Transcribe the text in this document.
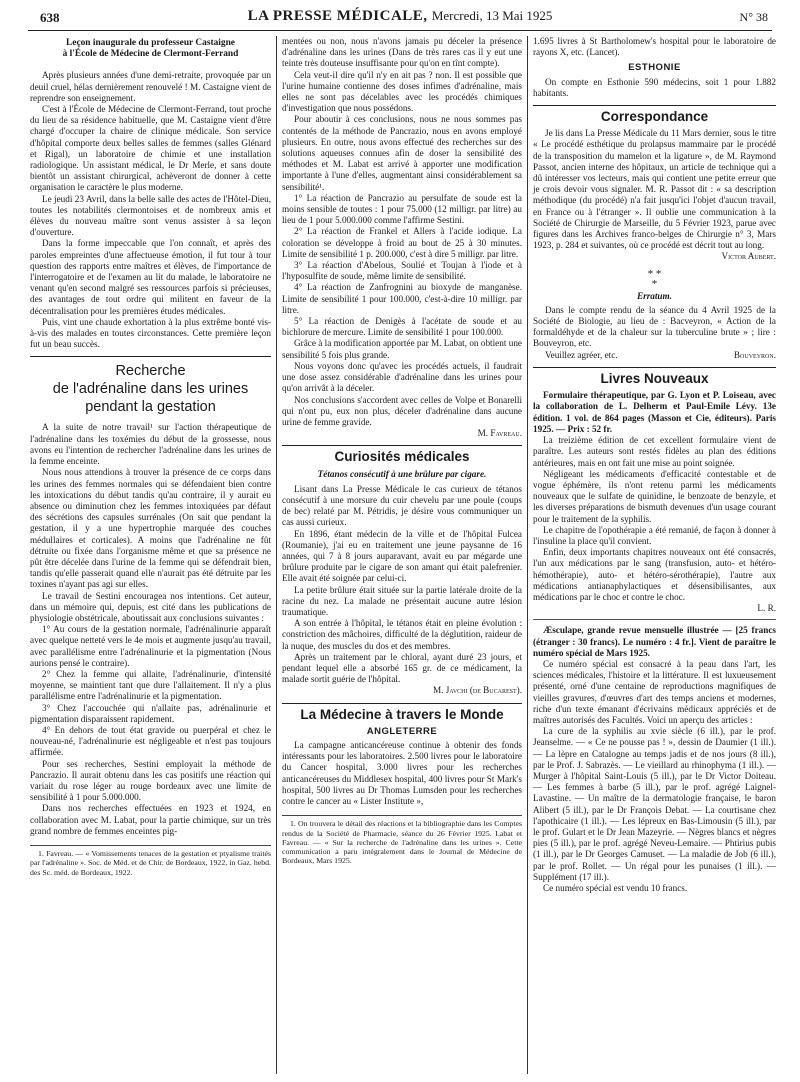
638	LA PRESSE MÉDICALE, Mercredi, 13 Mai 1925	N° 38

Leçon inaugurale du professeur Castaigne

à l'École de Médecine de Clermont-Ferrand

Après plusieurs années d'une demi-retraite, provoquée par un deuil cruel, hélas dernièrement renouvelé ! M. Castaigne vient de reprendre son enseignement.

C'est à l'École de Médecine de Clermont-Ferrand, tout proche du lieu de sa résidence habituelle, que M. Castaigne vient d'être chargé d'occuper la chaire de clinique médicale. Son service d'hôpital comporte deux belles salles de femmes (salles Glénard et Rigal), un laboratoire de chimie et une installation radiologique. Un assistant médical, le Dr Merle, et sans doute bientôt un assistant chirurgical, achèveront de donner à cette organisation le caractère le plus moderne.

Le jeudi 23 Avril, dans la belle salle des actes de l'Hôtel-Dieu, toutes les notabilités clermontoises et de nombreux amis et élèves du nouveau maître sont venus assister à sa leçon d'ouverture.

Dans la forme impeccable que l'on connaît, et après des paroles empreintes d'une affectueuse émotion, il fut tour à tour question des rapports entre maîtres et élèves, de l'importance de l'interrogatoire et de l'examen au lit du malade, le laboratoire ne venant qu'en second malgré ses ressources parfois si précieuses, des avantages de tout ordre qui militent en faveur de la décentralisation pour les premières études médicales.

Puis, vint une chaude exhortation à la plus extrême bonté vis-à-vis des malades en toutes circonstances. Cette première leçon fut un beau succès.

Recherche
de l'adrénaline dans les urines
pendant la gestation

A la suite de notre travail¹ sur l'action thérapeutique de l'adrénaline dans les toxémies du début de la grossesse, nous avons eu l'intention de rechercher l'adrénaline dans les urines de la femme enceinte.

Nous nous attendions à trouver la présence de ce corps dans les urines des femmes normales qui se défendaient bien contre les intoxications du début tandis qu'au contraire, il y aurait eu absence ou diminution chez les femmes intoxiquées par défaut des sécrétions des capsules surrénales (On sait que pendant la gestation, il y a une hypertrophie marquée des couches médullaires et corticales). A moins que l'adrénaline ne fût détruite ou fixée dans l'organisme même et que sa présence ne pût être décelée dans l'urine de la femme qui se défendrait bien, tandis qu'elle passerait quand elle n'aurait pas été détruite par les toxines n'ayant pas agi sur elles.

Le travail de Sestini encouragea nos intentions. Cet auteur, dans un mémoire qui, depuis, est cité dans les publications de physiologie obstétricale, aboutissait aux conclusions suivantes :

1° Au cours de la gestation normale, l'adrénalinurie apparaît avec quelque netteté vers le 4e mois et augmente jusqu'au travail, avec parallélisme entre l'adrénalinurie et la pigmentation (Nous aurions pensé le contraire).

2° Chez la femme qui allaite, l'adrénalinurie, d'intensité moyenne, se maintient tant que dure l'allaitement. Il n'y a plus parallélisme entre l'adrénalinurie et la pigmentation.

3° Chez l'accouchée qui n'allaite pas, adrénalinurie et pigmentation disparaissent rapidement.

4° En dehors de tout état gravide ou puerpéral et chez le nouveau-né, l'adrénalinurie est négligeable et n'est pas toujours affirmée.

Pour ses recherches, Sestini employait la méthode de Pancrazio. Il aurait obtenu dans les cas positifs une réaction qui variait du rose léger au rouge bordeaux avec une limite de sensibilité à 1 pour 5.000.000.

Dans nos recherches effectuées en 1923 et 1924, en collaboration avec M. Labat, pour la partie chimique, sur un très grand nombre de femmes enceintes pig-

1. Favreau. — « Vomissements tenaces de la gestation et ptyalisme traités par l'adrénaline ». Soc. de Méd. et de Chir. de Bordeaux, 1922, in Gaz. hebd. des Sc. méd. de Bordeaux, 1922.

mentées ou non, nous n'avons jamais pu déceler la présence d'adrénaline dans les urines (Dans de très rares cas il y eut une teinte très douteuse insuffisante pour qu'on en tînt compte).

Cela veut-il dire qu'il n'y en ait pas ? non. Il est possible que l'urine humaine contienne des doses infimes d'adrénaline, mais elles ne sont pas décelables avec les procédés chimiques d'investigation que nous possédons.

Pour aboutir à ces conclusions, nous ne nous sommes pas contentés de la méthode de Pancrazio, nous en avons employé plusieurs. En outre, nous avons effectué des recherches sur des solutions aqueuses connues afin de doser la sensibilité des méthodes et M. Labat est arrivé à apporter une modification importante à l'une d'elles, augmentant ainsi considérablement sa sensibilité¹.

1° La réaction de Pancrazio au persulfate de soude est la moins sensible de toutes : 1 pour 75.000 (12 milligr. par litre) au lieu de 1 pour 5.000.000 comme l'affirme Sestini.

2° La réaction de Frankel et Allers à l'acide iodique. La coloration se développe à froid au bout de 25 à 30 minutes. Limite de sensibilité 1 p. 200.000, c'est à dire 5 milligr. par litre.

3° La réaction d'Abelous, Soulié et Toujan à l'iode et à l'hyposulfite de soude, même limite de sensibilité.

4° La réaction de Zanfrognini au bioxyde de manganèse. Limite de sensibilité 1 pour 100.000, c'est-à-dire 10 milligr. par litre.

5° La réaction de Denigès à l'acétate de soude et au bichlorure de mercure. Limite de sensibilité 1 pour 100.000.

Grâce à la modification apportée par M. Labat, on obtient une sensibilité 5 fois plus grande.

Nous voyons donc qu'avec les procédés actuels, il faudrait une dose assez considérable d'adrénaline dans les urines pour qu'on arrivât à la déceler.

Nos conclusions s'accordent avec celles de Volpe et Bonarelli qui n'ont pu, eux non plus, déceler d'adrénaline dans aucune urine de femme gravide.

M. Favreau.

Curiosités médicales

Tétanos consécutif à une brûlure par cigare.

Lisant dans La Presse Médicale le cas curieux de tétanos consécutif à une morsure du cuir chevelu par une poule (coups de bec) relaté par M. Pétridis, je désire vous communiquer un cas aussi curieux.

En 1896, étant médecin de la ville et de l'hôpital Fulcea (Roumanie), j'ai eu en traitement une jeune paysanne de 16 années, qui 7 à 8 jours auparavant, avait eu par mégarde une brûlure produite par le cigare de son amant qui était palefrenier. Elle avait été soignée par celui-ci.

La petite brûlure était située sur la partie latérale droite de la racine du nez. La malade ne présentait aucune autre lésion traumatique.

A son entrée à l'hôpital, le tétanos était en pleine évolution : constriction des mâchoires, difficulté de la déglutition, raideur de la nuque, des muscles du dos et des membres.

Après un traitement par le chloral, ayant duré 23 jours, et pendant lequel elle a absorbé 165 gr. de ce médicament, la malade sortit guérie de l'hôpital.

M. Javchi (de Bucarest).

La Médecine à travers le Monde
ANGLETERRE

La campagne anticancéreuse continue à obtenir des fonds intéressants pour les laboratoires. 2.500 livres pour le laboratoire du Cancer hospital, 3.000 livres pour les recherches anticancéreuses du Middlesex hospital, 400 livres pour St Mark's hospital, 500 livres au Dr Thomas Lumsden pour les recherches contre le cancer au « Lister Institute »,

1. On trouvera le détail des réactions et la bibliographie dans les Comptes rendus de la Société de Pharmacie, séance du 26 Février 1925. Labat et Favreau. — « Sur la recherche de l'adrénaline dans les urines ». Cette communication a paru intégralement dans le Journal de Médecine de Bordeaux, Mars 1925.

1.695 livres à St Bartholomew's hospital pour le laboratoire de rayons X, etc. (Lancet).

ESTHONIE

On compte en Esthonie 590 médecins, soit 1 pour 1.882 habitants.

Correspondance

Je lis dans La Presse Médicale du 11 Mars dernier, sous le titre « Le procédé esthétique du prolapsus mammaire par le procédé de la transposition du mamelon et la ligature », de M. Raymond Passot, ancien interne des hôpitaux, un article de technique qui a dû intéresser vos lecteurs, mais qui contient une petite erreur que je crois devoir vous signaler. M. R. Passot dit : « sa description méthodique (du procédé) n'a fait jusqu'ici l'objet d'aucun travail, en France ou à l'étranger ». Il oublie une communication à la Société de Chirurgie de Marseille, du 5 Février 1923, parue avec figures dans les Archives franco-belges de Chirurgie n° 3, Mars 1923, p. 284 et suivantes, où ce procédé est décrit tout au long.

Victor Aubert.

* *
*

Erratum.

Dans le compte rendu de la séance du 4 Avril 1925 de la Société de Biologie, au lieu de : Bacveyron, « Action de la formaldéhyde et de la chaleur sur la tuberculine brute » ; lire : Bouveyron, etc.

Veuillez agréer, etc.	Bouveyron.

Livres Nouveaux

Formulaire thérapeutique, par G. Lyon et P. Loiseau, avec la collaboration de L. Delherm et Paul-Emile Lévy. 13e édition. 1 vol. de 864 pages (Masson et Cie, éditeurs). Paris 1925. — Prix : 52 fr.

La treizième édition de cet excellent formulaire vient de paraître. Les auteurs sont restés fidèles au plan des éditions antérieures, mais en ont fait une mise au point soignée.

Négligeant les médicaments d'efficacité contestable et de vogue éphémère, ils n'ont retenu parmi les médicaments nouveaux que le sulfate de quinidine, le benzoate de benzyle, et les diverses préparations de bismuth devenues d'un usage courant pour le traitement de la syphilis.

Le chapitre de l'opothérapie a été remanié, de façon à donner à l'insuline la place qu'il convient.

Enfin, deux importants chapitres nouveaux ont été consacrés, l'un aux médications par le sang (transfusion, auto- et hétéro-hémothérapie), auto- et hétéro-sérothérapie), l'autre aux médications antianaphylactiques et désensibilisantes, aux médications par le choc et contre le choc.

L. R.

Æsculape, grande revue mensuelle illustrée — [25 francs (étranger : 30 francs). Le numéro : 4 fr.]. Vient de paraître le numéro spécial de Mars 1925.

Ce numéro spécial est consacré à la peau dans l'art, les sciences médicales, l'histoire et la littérature. Il est luxueusement présenté, orné d'une centaine de reproductions magnifiques de vieilles gravures, d'œuvres d'art des temps anciens et modernes, riche d'un texte émanant d'écrivains médicaux appréciés et de maîtres autorisés des Facultés. Voici un aperçu des articles :

La cure de la syphilis au xvie siècle (6 ill.), par le prof. Jeanselme. — « Ce ne pousse pas ! », dessin de Daumier (1 ill.). — La lèpre en Catalogne au temps jadis et de nos jours (8 ill.), par le Prof. J. Sabrazès. — Le vieillard au rhinophyma (1 ill.). — Murger à l'hôpital Saint-Louis (5 ill.), par le Dr Victor Doiteau. — Les femmes à barbe (5 ill.), par le prof. agrégé Laignel-Lavastine. — Un maître de la dermatologie française, le baron Alibert (5 ill.), par le Dr François Debat. — La courtisane chez l'apothicaire (1 ill.). — Les lépreux en Bas-Limousin (5 ill.), par le prof. Gulart et le Dr Jean Mazeyrie. — Nègres blancs et nègres pies (5 ill.), par le prof. agrégé Neveu-Lemaire. — Phtirius pubis (1 ill.), par le Dr Georges Camuset. — La maladie de Job (6 ill.), par le prof. Rollet. — Un régal pour les punaises (1 ill.). — Supplément (17 ill.).

Ce numéro spécial est vendu 10 francs.
